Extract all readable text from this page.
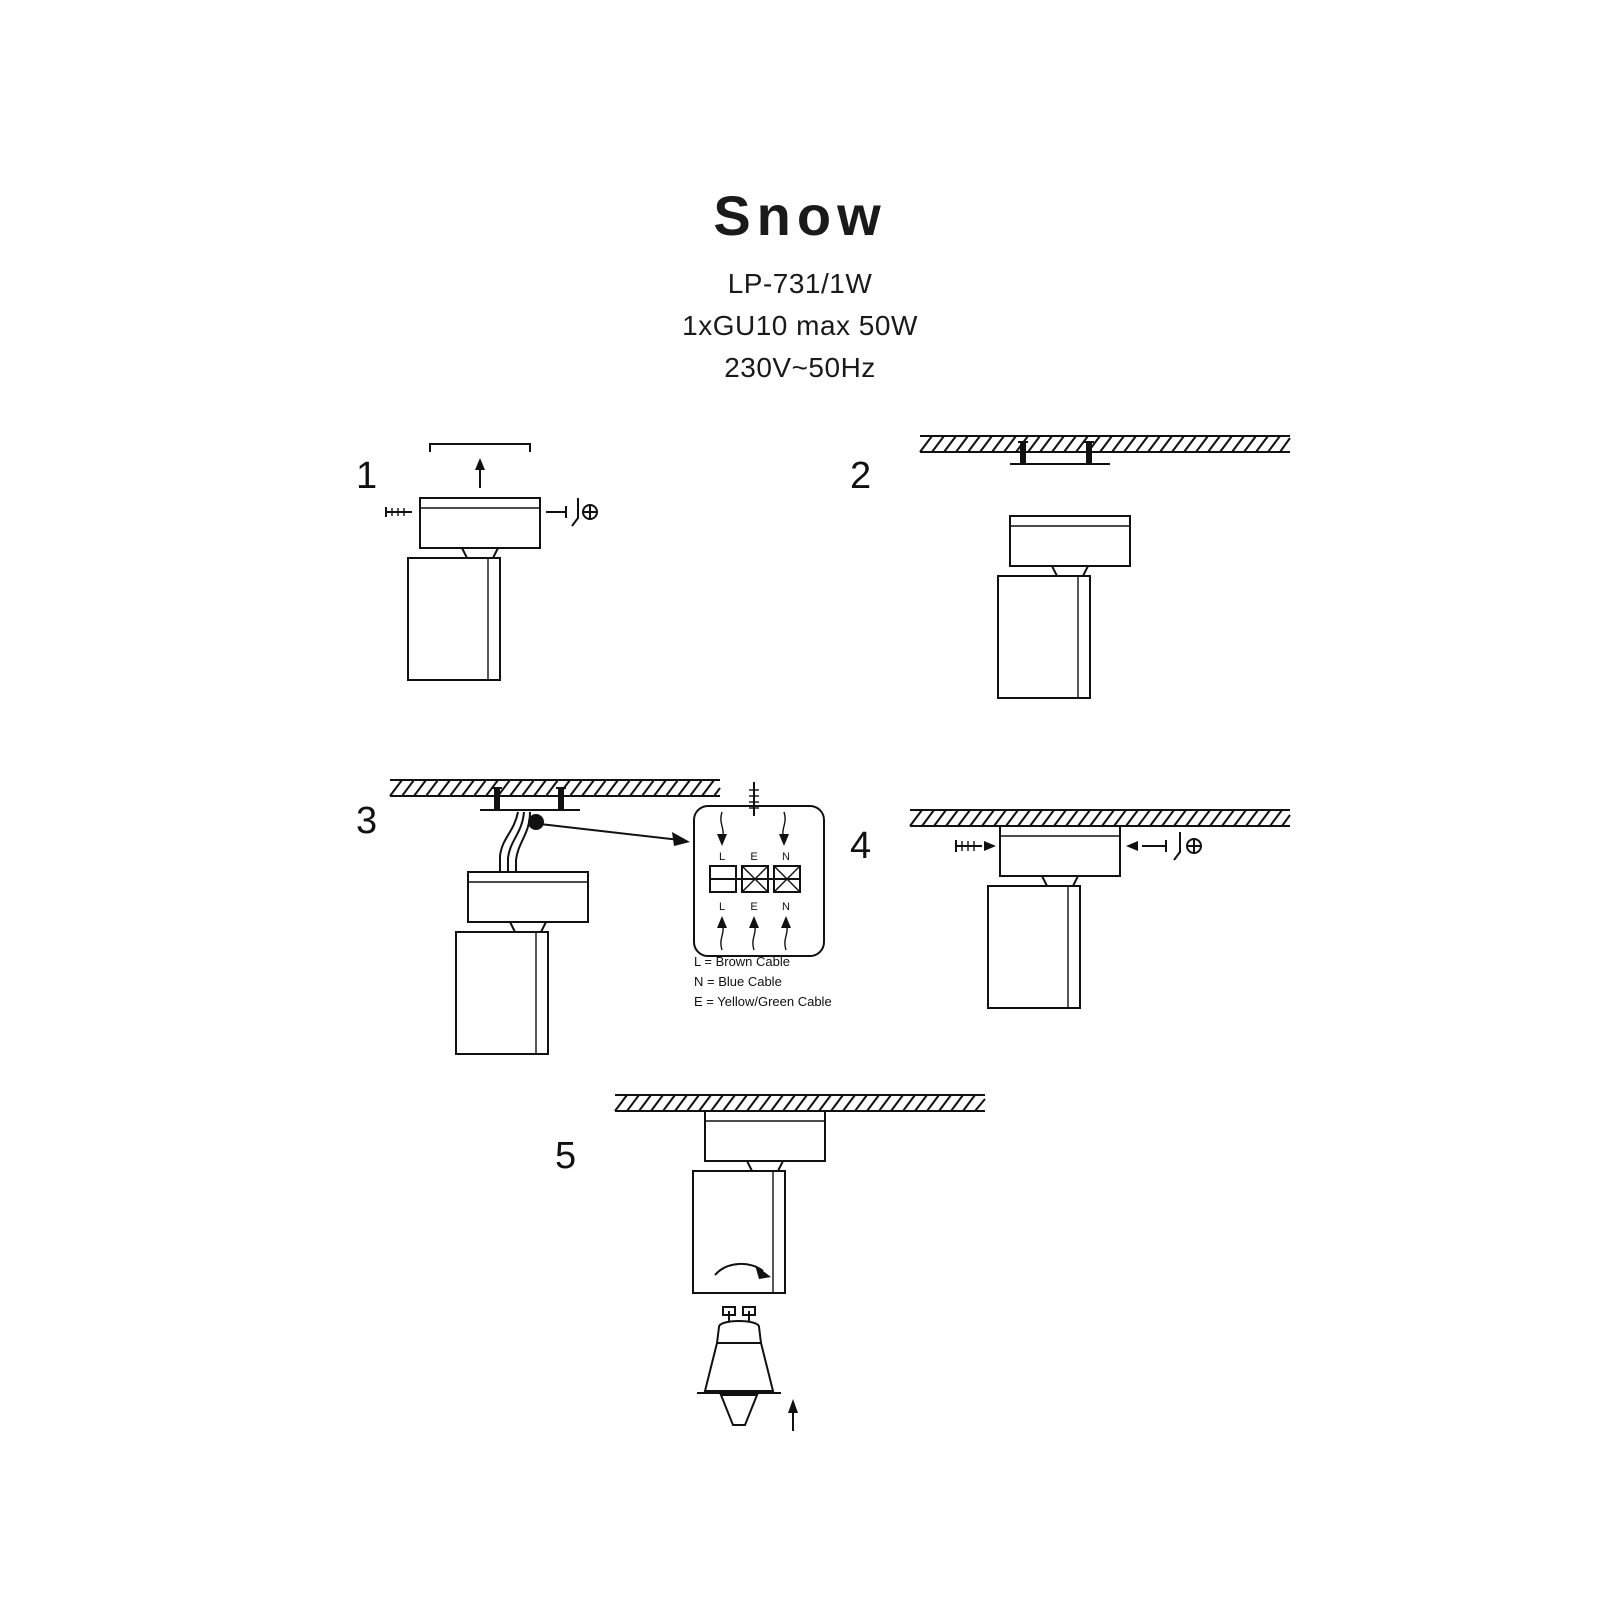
Snow
LP-731/1W
1xGU10 max 50W
230V~50Hz
1	2
3
L E N
L E N
L = Brown Cable
N = Blue Cable
E = Yellow/Green Cable
4
5
